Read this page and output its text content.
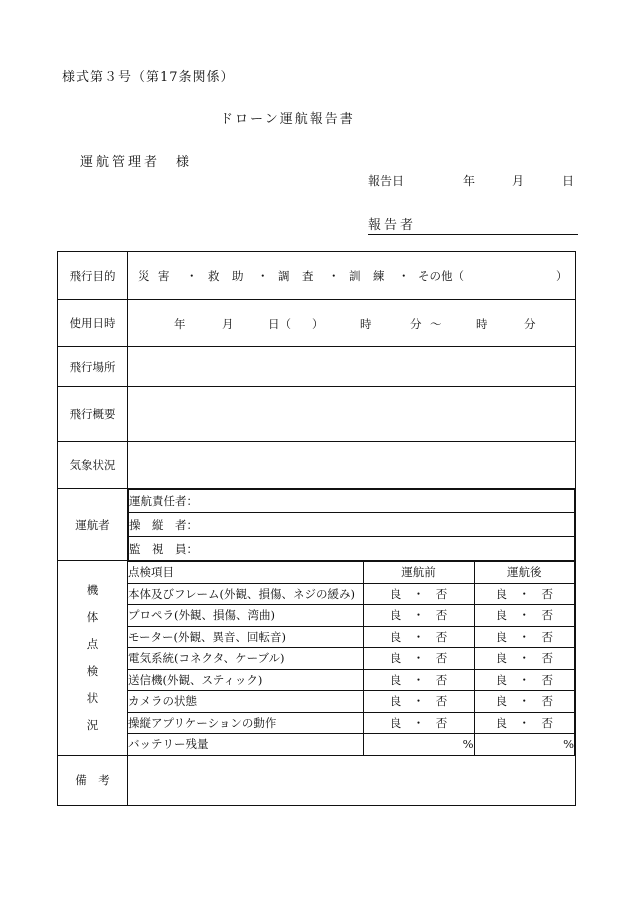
様式第３号（第17条関係）
ドローン運航報告書
運航管理者　様
報告日	年	月	日
報告者
飛行目的	災 害 ・ 救 助 ・ 調 査 ・ 訓 練 ・ その他（	）

使用日時	年	月	日（ ）	時	分 ～	時	分

飛行場所	
飛行概要	
気象状況	
運航者	
運航責任者：
操　縦　者：
監　視　員：

機
体
点
検
状
況

点検項目	運航前	運航後
本体及びフレーム(外観、損傷、ネジの緩み)	良　 ・　 否	良　 ・　 否
プロペラ(外観、損傷、湾曲)	良　 ・　 否	良　 ・　 否
モーター(外観、異音、回転音)	良　 ・　 否	良　 ・　 否
電気系統(コネクタ、ケーブル)	良　 ・　 否	良　 ・　 否
送信機(外観、スティック)	良　 ・　 否	良　 ・　 否
カメラの状態	良　 ・　 否	良　 ・　 否
操縦アプリケーションの動作	良　 ・　 否	良　 ・　 否
バッテリー残量	%	%

備　考	
